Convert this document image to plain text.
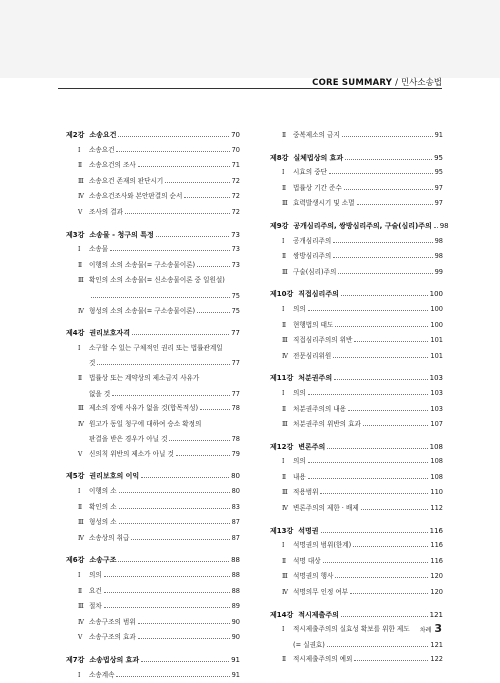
CORE SUMMARY / 민사소송법
제2강 소송요건	70
Ⅰ	소송요건	70
Ⅱ	소송요건의 조사	71
Ⅲ 소송요건 존재의 판단시기	72
Ⅳ 소송요건조사와 본안판결의 순서	72
Ⅴ	조사의 결과	72
제3강 소송물 - 청구의 특정	73
Ⅰ	소송물	73
Ⅱ	이행의 소의 소송물(= 구소송물이론)	73
Ⅲ 확인의 소의 소송물(= 신소송물이론 중 일원설)
75
Ⅳ 형성의 소의 소송물(= 구소송물이론)	75
제4강 권리보호자격	77
Ⅰ 소구할 수 있는 구체적인 권리 또는 법률관계일
것	77
Ⅱ 법률상 또는 계약상의 제소금지 사유가
없을 것	77
Ⅲ 제소의 장애 사유가 없을 것(합목적성)	78
Ⅳ 원고가 동일 청구에 대하여 승소 확정의
판결을 받은 경우가 아닐 것	78
Ⅴ	신의칙 위반의 제소가 아닐 것	79
제5강 권리보호의 이익	80
Ⅰ	이행의 소	80
Ⅱ	확인의 소	83
Ⅲ 형성의 소	87
Ⅳ 소송상의 취급	87
제6강 소송구조	88
Ⅰ	의의	88
Ⅱ	요건	88
Ⅲ 절차	89
Ⅳ 소송구조의 범위	90
Ⅴ	소송구조의 효과	90
제7강 소송법상의 효과	91
Ⅰ	소송계속	91
Ⅱ	중복제소의 금지	91
제8강 실체법상의 효과	95
Ⅰ	시효의 중단	95
Ⅱ	법률상 기간 준수	97
Ⅲ 효력발생시기 및 소멸	97
제9강 공개심리주의, 쌍방심리주의, 구술(심리)주의 98
Ⅰ	공개심리주의	98
Ⅱ	쌍방심리주의	98
Ⅲ 구술(심리)주의	99
제10강 직접심리주의	100
Ⅰ	의의	100
Ⅱ	현행법의 태도	100
Ⅲ 직접심리주의의 위반	101
Ⅳ 전문심리위원	101
제11강 처분권주의	103
Ⅰ	의의	103
Ⅱ	처분권주의의 내용	103
Ⅲ 처분권주의 위반의 효과	107
제12강 변론주의	108
Ⅰ	의의	108
Ⅱ	내용	108
Ⅲ 적용범위	110
Ⅳ 변론주의의 제한 · 배제	112
제13강 석명권	116
Ⅰ	석명권의 범위(한계)	116
Ⅱ	석명 대상	116
Ⅲ 석명권의 행사	120
Ⅳ 석명의무 인정 여부	120
제14강 적시제출주의	121
Ⅰ 적시제출주의의 실효성 확보를 위한 제도
(= 실권효)	121
Ⅱ	적시제출주의의 예외	122
차례 3
